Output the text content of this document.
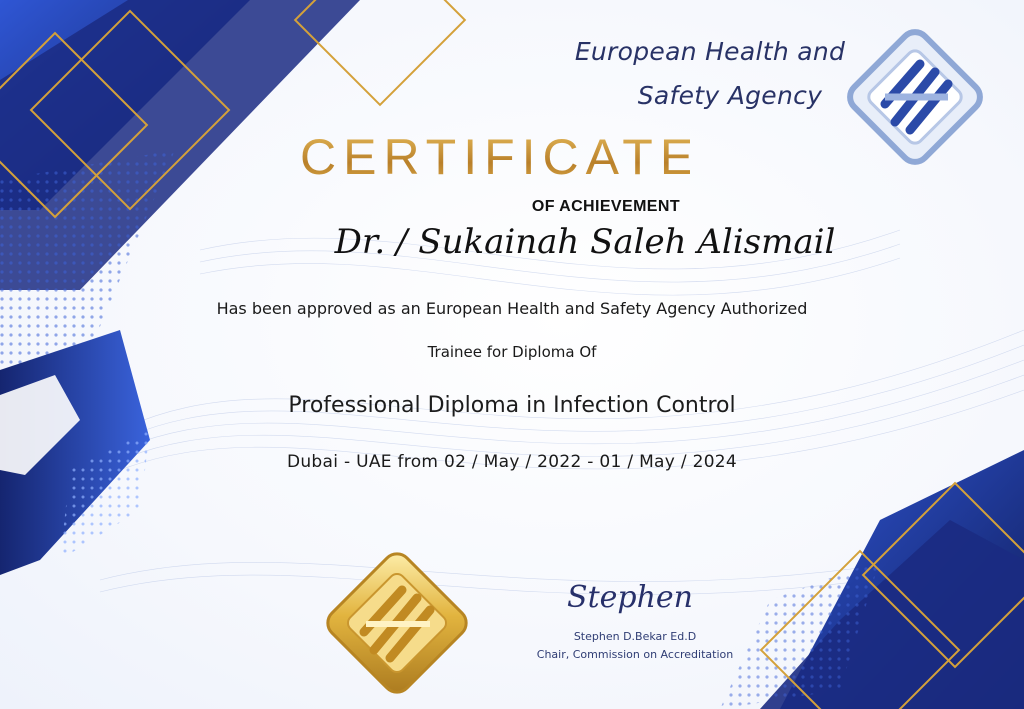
European Health and
Safety Agency
CERTIFICATE
OF ACHIEVEMENT
Dr. / Sukainah Saleh Alismail
Has been approved as an European Health and Safety Agency Authorized
Trainee for Diploma Of
Professional Diploma in Infection Control
Dubai - UAE from 02 / May / 2022 - 01 / May / 2024
Stephen
Stephen D.Bekar Ed.D
Chair, Commission on Accreditation
